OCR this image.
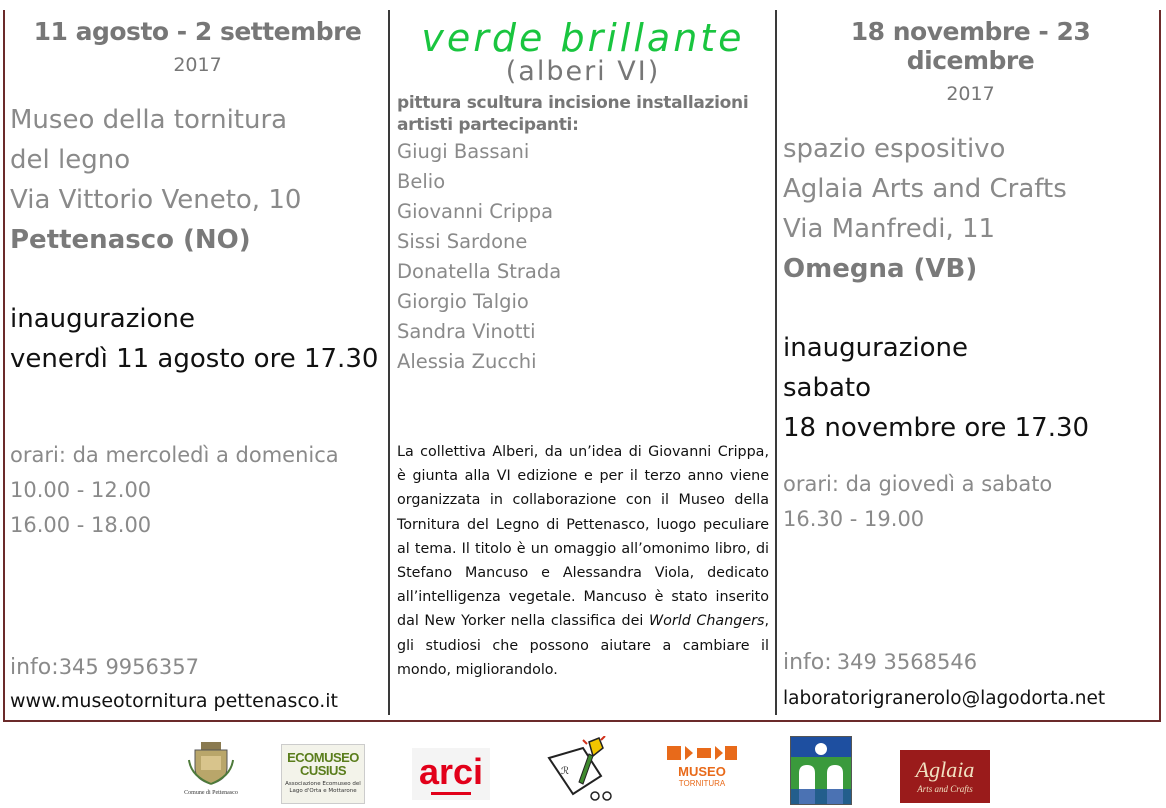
11 agosto - 2 settembre
2017
Museo della tornitura
del legno
Via Vittorio Veneto, 10
Pettenasco (NO)
inaugurazione
venerdì 11 agosto ore 17.30
orari: da mercoledì a domenica
10.00 - 12.00
16.00 - 18.00
info:345 9956357
www.museotornitura pettenasco.it
verde brillante
(alberi VI)
pittura scultura incisione installazioni
artisti partecipanti:
Giugi Bassani
Belio
Giovanni Crippa
Sissi Sardone
Donatella Strada
Giorgio Talgio
Sandra Vinotti
Alessia Zucchi
La collettiva Alberi, da un’idea di Giovanni Crippa, è giunta alla VI edizione e per il terzo anno viene organizzata in collaborazione con il Museo della Tornitura del Legno di Pettenasco, luogo peculiare al tema. Il titolo è un omaggio all’omonimo libro, di Stefano Mancuso e Alessandra Viola, dedicato all’intelligenza vegetale. Mancuso è stato inserito dal New Yorker nella classifica dei World Changers, gli studiosi che possono aiutare a cambiare il mondo, migliorandolo.
18 novembre - 23 dicembre
2017
spazio espositivo
Aglaia Arts and Crafts
Via Manfredi, 11
Omegna (VB)
inaugurazione
sabato
18 novembre ore 17.30
orari: da giovedì a sabato
16.30 - 19.00
info: 349 3568546
laboratorigranerolo@lagodorta.net
Comune di Pettenasco
ECOMUSEO CUSIUS
Associazione Ecomuseo del Lago d'Orta e Mottarone arci	ℛ	MUSEO
TORNITURA
Aglaia
Arts and Crafts
